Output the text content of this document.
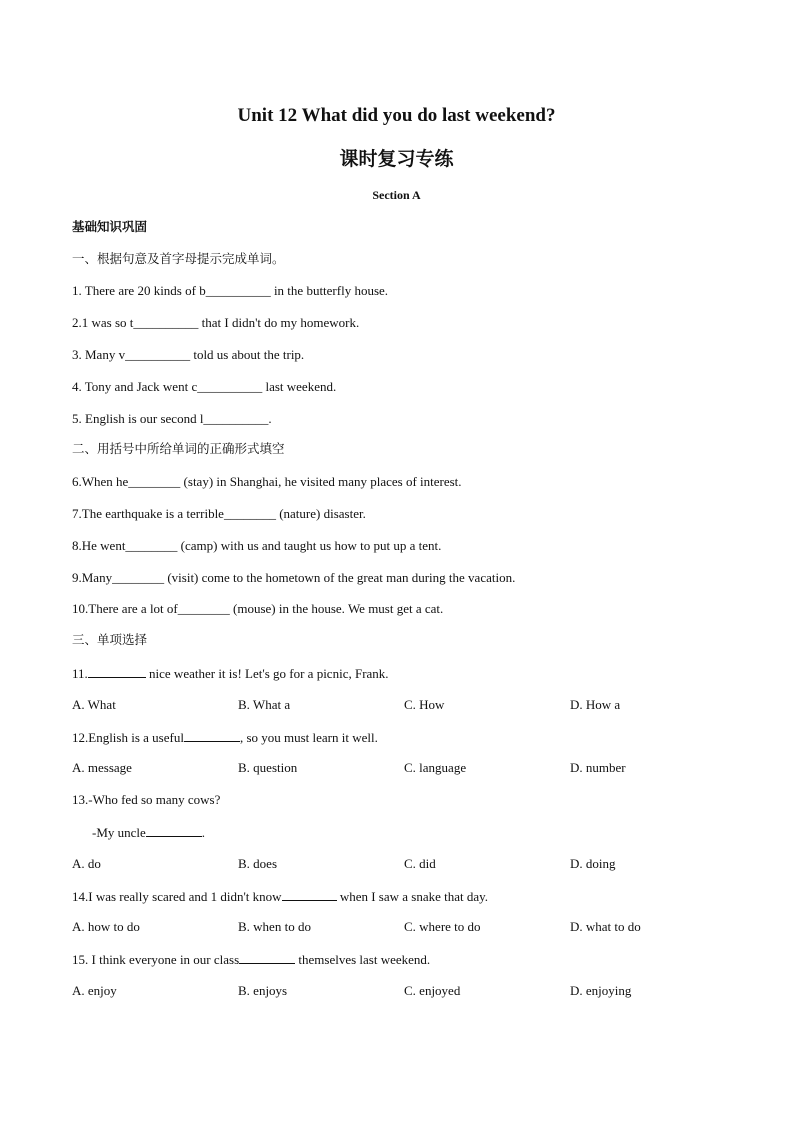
Unit 12 What did you do last weekend?
课时复习专练
Section A
基础知识巩固
一、根据句意及首字母提示完成单词。
1. There are 20 kinds of b__________ in the butterfly house.
2.1 was so t__________ that I didn't do my homework.
3. Many v__________ told us about the trip.
4. Tony and Jack went c__________ last weekend.
5. English is our second l__________.
二、用括号中所给单词的正确形式填空
6.When he________ (stay) in Shanghai, he visited many places of interest.
7.The earthquake is a terrible________ (nature) disaster.
8.He went________ (camp) with us and taught us how to put up a tent.
9.Many________ (visit) come to the hometown of the great man during the vacation.
10.There are a lot of________ (mouse) in the house. We must get a cat.
三、单项选择
11.	nice weather it is! Let's go for a picnic, Frank.
A. What	B. What a	C. How	D. How a
12.English is a useful	, so you must learn it well.
A. message	B. question	C. language	D. number
13.-Who fed so many cows?
-My uncle	.
A. do	B. does	C. did	D. doing
14.I was really scared and 1 didn't know	when I saw a snake that day.
A. how to do	B. when to do	C. where to do	D. what to do
15. I think everyone in our class	themselves last weekend.
A. enjoy	B. enjoys	C. enjoyed	D. enjoying
